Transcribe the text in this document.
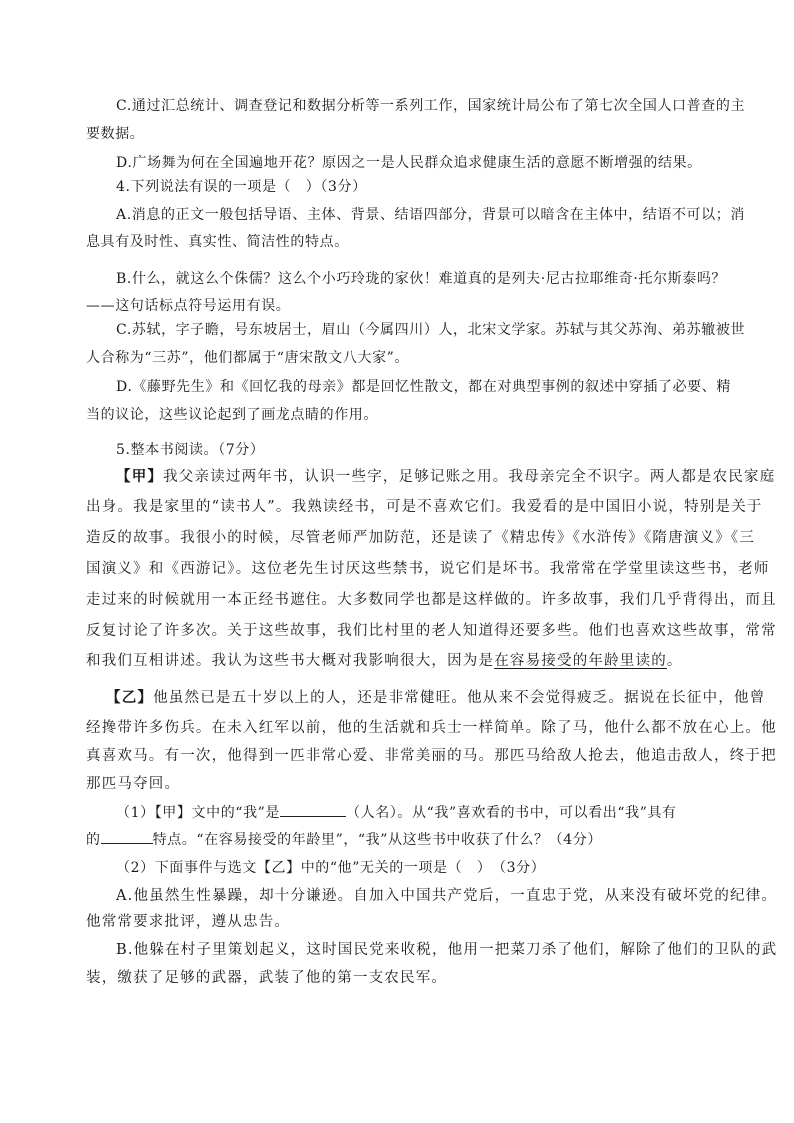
C.通过汇总统计、调查登记和数据分析等一系列工作，国家统计局公布了第七次全国人口普查的主
要数据。
D.广场舞为何在全国遍地开花？原因之一是人民群众追求健康生活的意愿不断增强的结果。
4.下列说法有误的一项是（　）（3分）
A.消息的正文一般包括导语、主体、背景、结语四部分，背景可以暗含在主体中，结语不可以；消
息具有及时性、真实性、简洁性的特点。
B.什么，就这么个侏儒？这么个小巧玲珑的家伙！难道真的是列夫·尼古拉耶维奇·托尔斯泰吗？
——这句话标点符号运用有误。
C.苏轼，字子瞻，号东坡居士，眉山（今属四川）人，北宋文学家。苏轼与其父苏洵、弟苏辙被世
人合称为“三苏”，他们都属于“唐宋散文八大家”。
D.《藤野先生》和《回忆我的母亲》都是回忆性散文，都在对典型事例的叙述中穿插了必要、精
当的议论，这些议论起到了画龙点睛的作用。
5.整本书阅读。（7分）
【甲】我父亲读过两年书，认识一些字，足够记账之用。我母亲完全不识字。两人都是农民家庭
出身。我是家里的“读书人”。我熟读经书，可是不喜欢它们。我爱看的是中国旧小说，特别是关于
造反的故事。我很小的时候，尽管老师严加防范，还是读了《精忠传》《水浒传》《隋唐演义》《三
国演义》和《西游记》。这位老先生讨厌这些禁书，说它们是坏书。我常常在学堂里读这些书，老师
走过来的时候就用一本正经书遮住。大多数同学也都是这样做的。许多故事，我们几乎背得出，而且
反复讨论了许多次。关于这些故事，我们比村里的老人知道得还要多些。他们也喜欢这些故事，常常
和我们互相讲述。我认为这些书大概对我影响很大，因为是在容易接受的年龄里读的。
【乙】他虽然已是五十岁以上的人，还是非常健旺。他从来不会觉得疲乏。据说在长征中，他曾
经搀带许多伤兵。在未入红军以前，他的生活就和兵士一样简单。除了马，他什么都不放在心上。他
真喜欢马。有一次，他得到一匹非常心爱、非常美丽的马。那匹马给敌人抢去，他追击敌人，终于把
那匹马夺回。
（1）【甲】文中的“我”是	（人名）。从“我”喜欢看的书中，可以看出“我”具有
的	特点。“在容易接受的年龄里”，“我”从这些书中收获了什么？（4分）
（2）下面事件与选文【乙】中的“他”无关的一项是（　）　（3分）
A.他虽然生性暴躁，却十分谦逊。自加入中国共产党后，一直忠于党，从来没有破坏党的纪律。
他常常要求批评，遵从忠告。
B.他躲在村子里策划起义，这时国民党来收税，他用一把菜刀杀了他们，解除了他们的卫队的武
装，缴获了足够的武器，武装了他的第一支农民军。
